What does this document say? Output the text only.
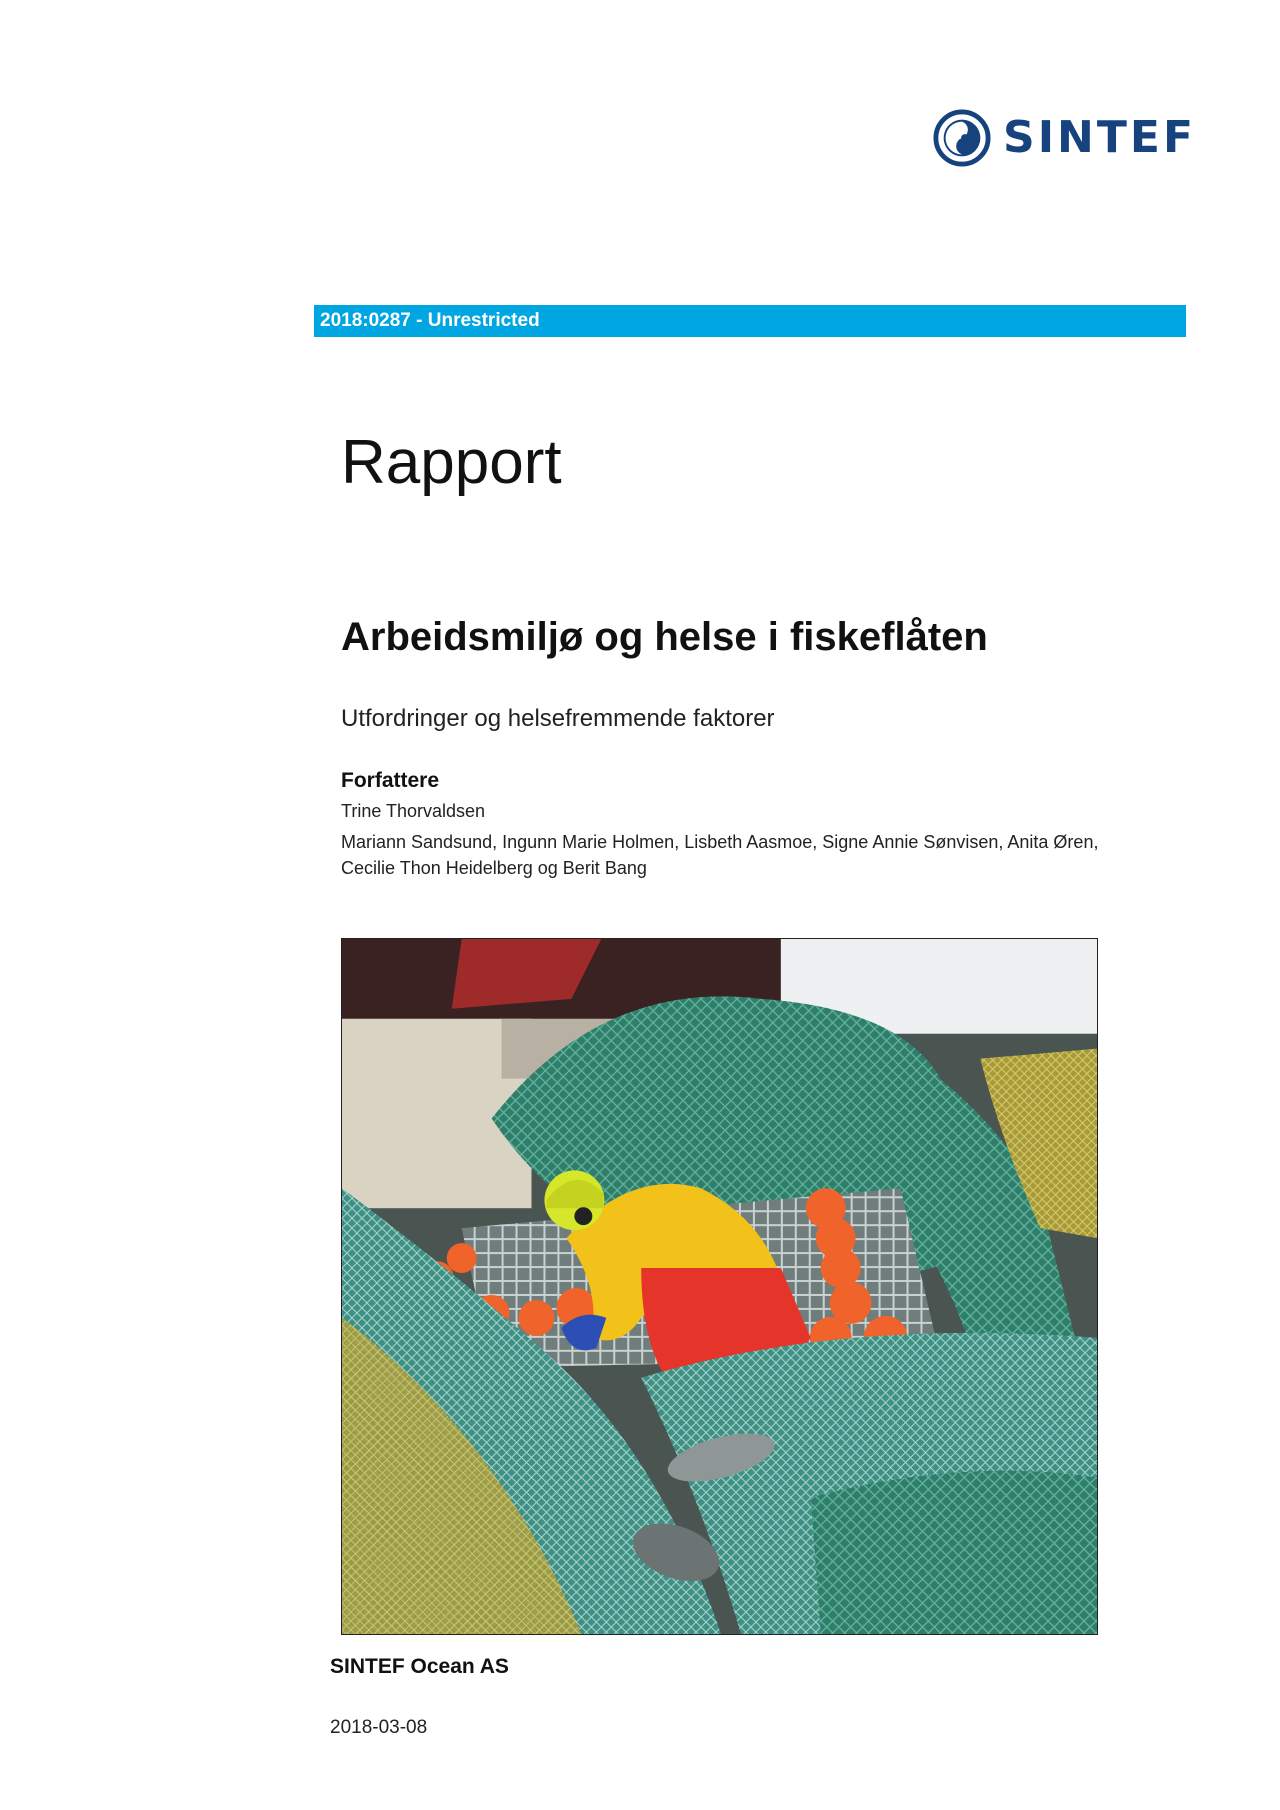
SINTEF
2018:0287 - Unrestricted
Rapport
Arbeidsmiljø og helse i fiskeflåten
Utfordringer og helsefremmende faktorer
Forfattere
Trine Thorvaldsen
Mariann Sandsund, Ingunn Marie Holmen, Lisbeth Aasmoe, Signe Annie Sønvisen, Anita Øren, Cecilie Thon Heidelberg og Berit Bang
SINTEF Ocean AS
2018-03-08
